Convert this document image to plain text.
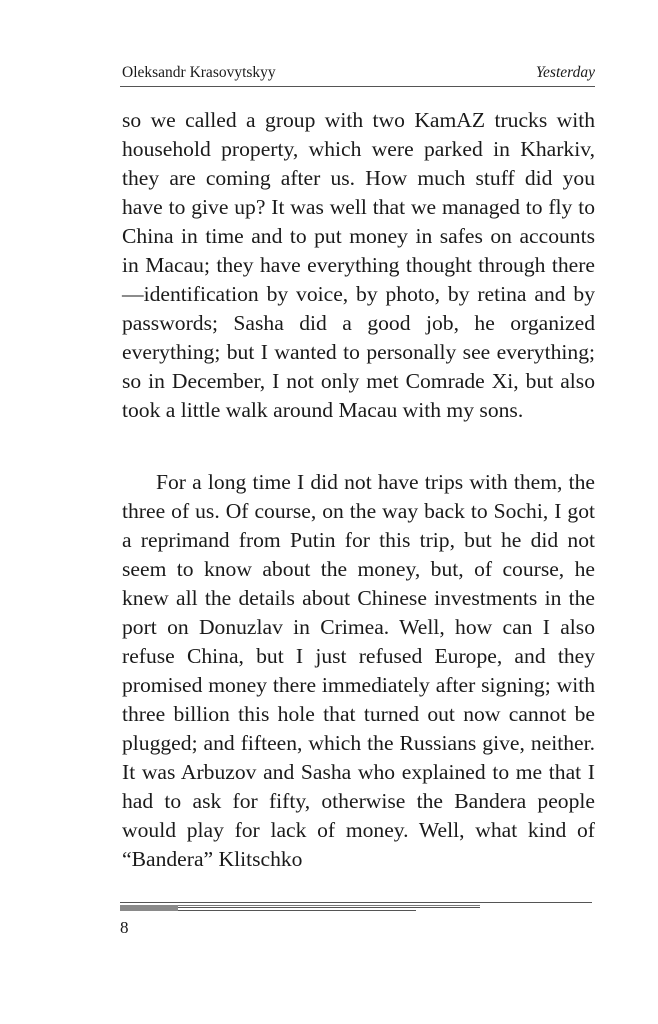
Oleksandr Krasovytskyy	Yesterday

so we called a group with two KamAZ trucks with household property, which were parked in Kharkiv, they are coming after us. How much stuff did you have to give up? It was well that we managed to fly to China in time and to put money in safes on accounts in Macau; they have everything thought through there—identification by voice, by photo, by retina and by passwords; Sasha did a good job, he organized everything; but I wanted to personally see everything; so in December, I not only met Comrade Xi, but also took a little walk around Macau with my sons.

For a long time I did not have trips with them, the three of us. Of course, on the way back to Sochi, I got a reprimand from Putin for this trip, but he did not seem to know about the money, but, of course, he knew all the details about Chinese investments in the port on Donuzlav in Crimea. Well, how can I also refuse China, but I just refused Europe, and they promised money there immediately after signing; with three billion this hole that turned out now cannot be plugged; and fifteen, which the Russians give, neither. It was Arbuzov and Sasha who explained to me that I had to ask for fifty, otherwise the Bandera people would play for lack of money. Well, what kind of “Bandera” Klitschko

8
